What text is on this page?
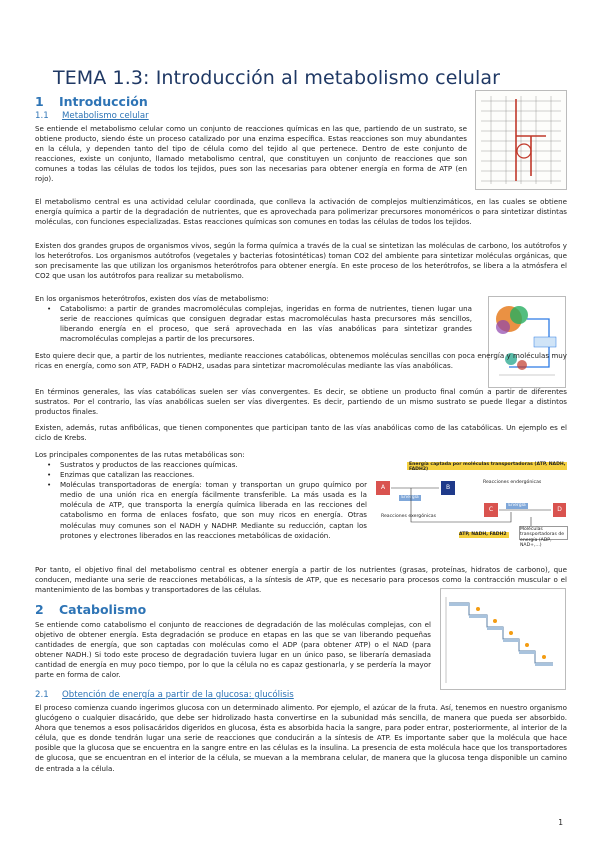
TEMA 1.3: Introducción al metabolismo celular
1 Introducción
1.1 Metabolismo celular

Se entiende el metabolismo celular como un conjunto de reacciones químicas en las que, partiendo de un sustrato, se obtiene producto, siendo éste un proceso catalizado por una enzima específica. Estas reacciones son muy abundantes en la célula, y dependen tanto del tipo de célula como del tejido al que pertenece. Dentro de este conjunto de reacciones, existe un conjunto, llamado metabolismo central, que constituyen un conjunto de reacciones que son comunes a todas las células de todos los tejidos, pues son las necesarias para obtener energía en forma de ATP (en rojo).

El metabolismo central es una actividad celular coordinada, que conlleva la activación de complejos multienzimáticos, en las cuales se obtiene energía química a partir de la degradación de nutrientes, que es aprovechada para polimerizar precursores monoméricos o para sintetizar distintas moléculas, con funciones especializadas. Estas reacciones químicas son comunes en todas las células de todos los tejidos.

Existen dos grandes grupos de organismos vivos, según la forma química a través de la cual se sintetizan las moléculas de carbono, los autótrofos y los heterótrofos. Los organismos autótrofos (vegetales y bacterias fotosintéticas) toman CO2 del ambiente para sintetizar moléculas orgánicas, que son precisamente las que utilizan los organismos heterótrofos para obtener energía. En este proceso de los heterótrofos, se libera a la atmósfera el CO2 que usan los autótrofos para realizar su metabolismo.

En los organismos heterótrofos, existen dos vías de metabolismo:

• Catabolismo: a partir de grandes macromoléculas complejas, ingeridas en forma de nutrientes, tienen lugar una serie de reacciones químicas que consiguen degradar estas macromoléculas hasta precursores más sencillos, liberando energía en el proceso, que será aprovechada en las vías anabólicas para sintetizar grandes macromoléculas complejas a partir de los precursores.

Esto quiere decir que, a partir de los nutrientes, mediante reacciones catabólicas, obtenemos moléculas sencillas con poca energía y moléculas muy ricas en energía, como son ATP, FADH o FADH2, usadas para sintetizar macromoléculas mediante las vías anabólicas.

En términos generales, las vías catabólicas suelen ser vías convergentes. Es decir, se obtiene un producto final común a partir de diferentes sustratos. Por el contrario, las vías anabólicas suelen ser vías divergentes. Es decir, partiendo de un mismo sustrato se puede llegar a distintos productos finales.

Existen, además, rutas anfibólicas, que tienen componentes que participan tanto de las vías anabólicas como de las catabólicas. Un ejemplo es el ciclo de Krebs.

Los principales componentes de las rutas metabólicas son:

• Sustratos y productos de las reacciones químicas.
• Enzimas que catalizan las reacciones.
• Moléculas transportadoras de energía: toman y transportan un grupo químico por medio de una unión rica en energía fácilmente transferible. La más usada es la molécula de ATP, que transporta la energía química liberada en las recciones del catabolismo en forma de enlaces fosfato, que son muy ricos en energía. Otras moléculas muy comunes son el NADH y NADHP. Mediante su reducción, captan los protones y electrones liberados en las reacciones metabólicas de oxidación.
Energía captada por moléculas transportadoras (ATP, NADH, FADH2)
A	B
Energía
Reacciones exergónicas
Reacciones endergónicas
C
Energía
D
ATP, NADH, FADH2
Moléculas transportadoras de energía (ADP, NAD+,...)

Por tanto, el objetivo final del metabolismo central es obtener energía a partir de los nutrientes (grasas, proteínas, hidratos de carbono), que conducen, mediante una serie de reacciones metabólicas, a la síntesis de ATP, que es necesario para procesos como la contracción muscular o el mantenimiento de las bombas y transportadores de las células.

2 Catabolismo

Se entiende como catabolismo el conjunto de reacciones de degradación de las moléculas complejas, con el objetivo de obtener energía. Esta degradación se produce en etapas en las que se van liberando pequeñas cantidades de energía, que son captadas con moléculas como el ADP (para obtener ATP) o el NAD (para obtener NADH.) Si todo este proceso de degradación tuviera lugar en un único paso, se liberaría demasiada cantidad de energía en muy poco tiempo, por lo que la célula no es capaz gestionarla, y se perdería la mayor parte en forma de calor.

2.1 Obtención de energía a partir de la glucosa: glucólisis

El proceso comienza cuando ingerimos glucosa con un determinado alimento. Por ejemplo, el azúcar de la fruta. Así, tenemos en nuestro organismo glucógeno o cualquier disacárido, que debe ser hidrolizado hasta convertirse en la subunidad más sencilla, de manera que pueda ser absorbido. Ahora que tenemos a esos polisacáridos digeridos en glucosa, ésta es absorbida hacia la sangre, para poder entrar, posteriormente, al interior de la célula, que es donde tendrán lugar una serie de reacciones que conducirán a la síntesis de ATP. Es importante saber que la molécula que hace posible que la glucosa que se encuentra en la sangre entre en las células es la insulina. La presencia de esta molécula hace que los transportadores de glucosa, que se encuentran en el interior de la célula, se muevan a la membrana celular, de manera que la glucosa tenga disponible un camino de entrada a la célula.

1
